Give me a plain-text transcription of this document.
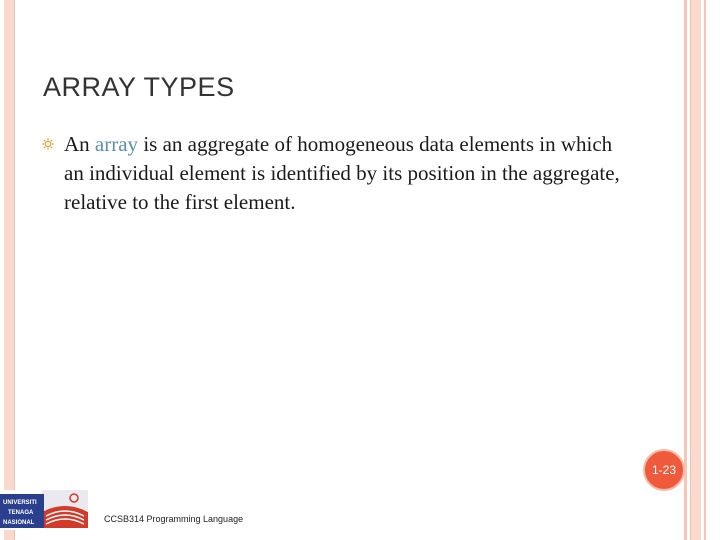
ARRAY TYPES

An array is an aggregate of homogeneous data elements in which an individual element is identified by its position in the aggregate, relative to the first element.

1-23
UNIVERSITI
TENAGA
NASIONAL	CCSB314 Programming Language
